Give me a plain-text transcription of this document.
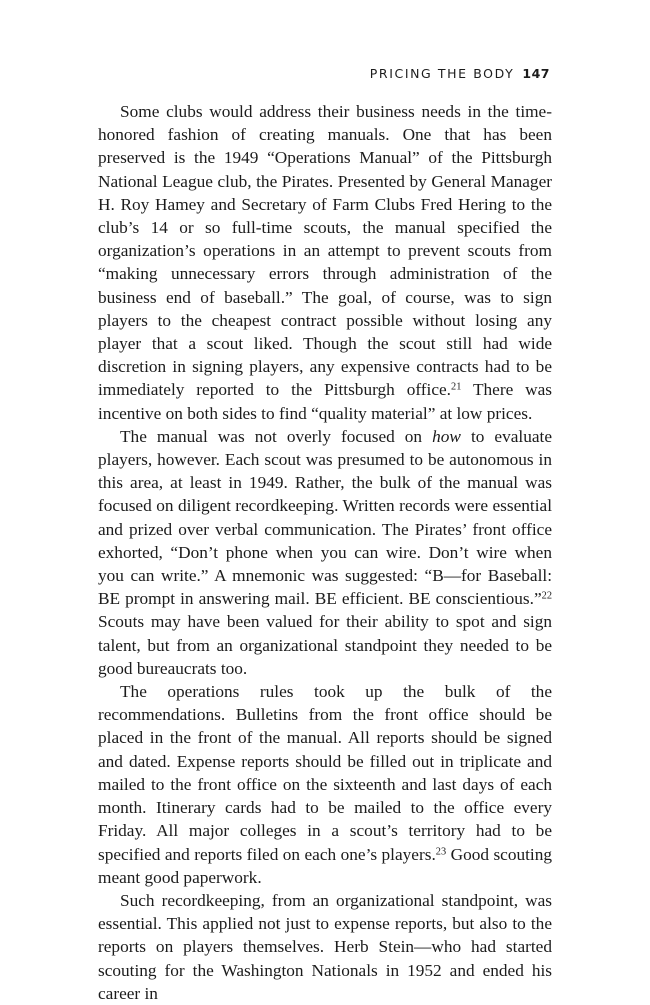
PRICING THE BODY 147

Some clubs would address their business needs in the time-honored fashion of creating manuals. One that has been preserved is the 1949 “Operations Manual” of the Pittsburgh National League club, the Pirates. Presented by General Manager H. Roy Hamey and Secretary of Farm Clubs Fred Hering to the club’s 14 or so full-time scouts, the manual specified the organization’s operations in an attempt to prevent scouts from “making unnecessary errors through administration of the business end of baseball.” The goal, of course, was to sign players to the cheapest contract possible without losing any player that a scout liked. Though the scout still had wide discretion in signing players, any expensive contracts had to be immediately reported to the Pittsburgh office.$^{21}$ There was incentive on both sides to find “quality material” at low prices.

The manual was not overly focused on how to evaluate players, however. Each scout was presumed to be autonomous in this area, at least in 1949. Rather, the bulk of the manual was focused on diligent recordkeeping. Written records were essential and prized over verbal communication. The Pirates’ front office exhorted, “Don’t phone when you can wire. Don’t wire when you can write.” A mnemonic was suggested: “B—for Baseball: BE prompt in answering mail. BE efficient. BE conscientious.”$^{22}$ Scouts may have been valued for their ability to spot and sign talent, but from an organizational standpoint they needed to be good bureaucrats too.

The operations rules took up the bulk of the recommendations. Bulletins from the front office should be placed in the front of the manual. All reports should be signed and dated. Expense reports should be filled out in triplicate and mailed to the front office on the sixteenth and last days of each month. Itinerary cards had to be mailed to the office every Friday. All major colleges in a scout’s territory had to be specified and reports filed on each one’s players.$^{23}$ Good scouting meant good paperwork.

Such recordkeeping, from an organizational standpoint, was essential. This applied not just to expense reports, but also to the reports on players themselves. Herb Stein—who had started scouting for the Washington Nationals in 1952 and ended his career in
